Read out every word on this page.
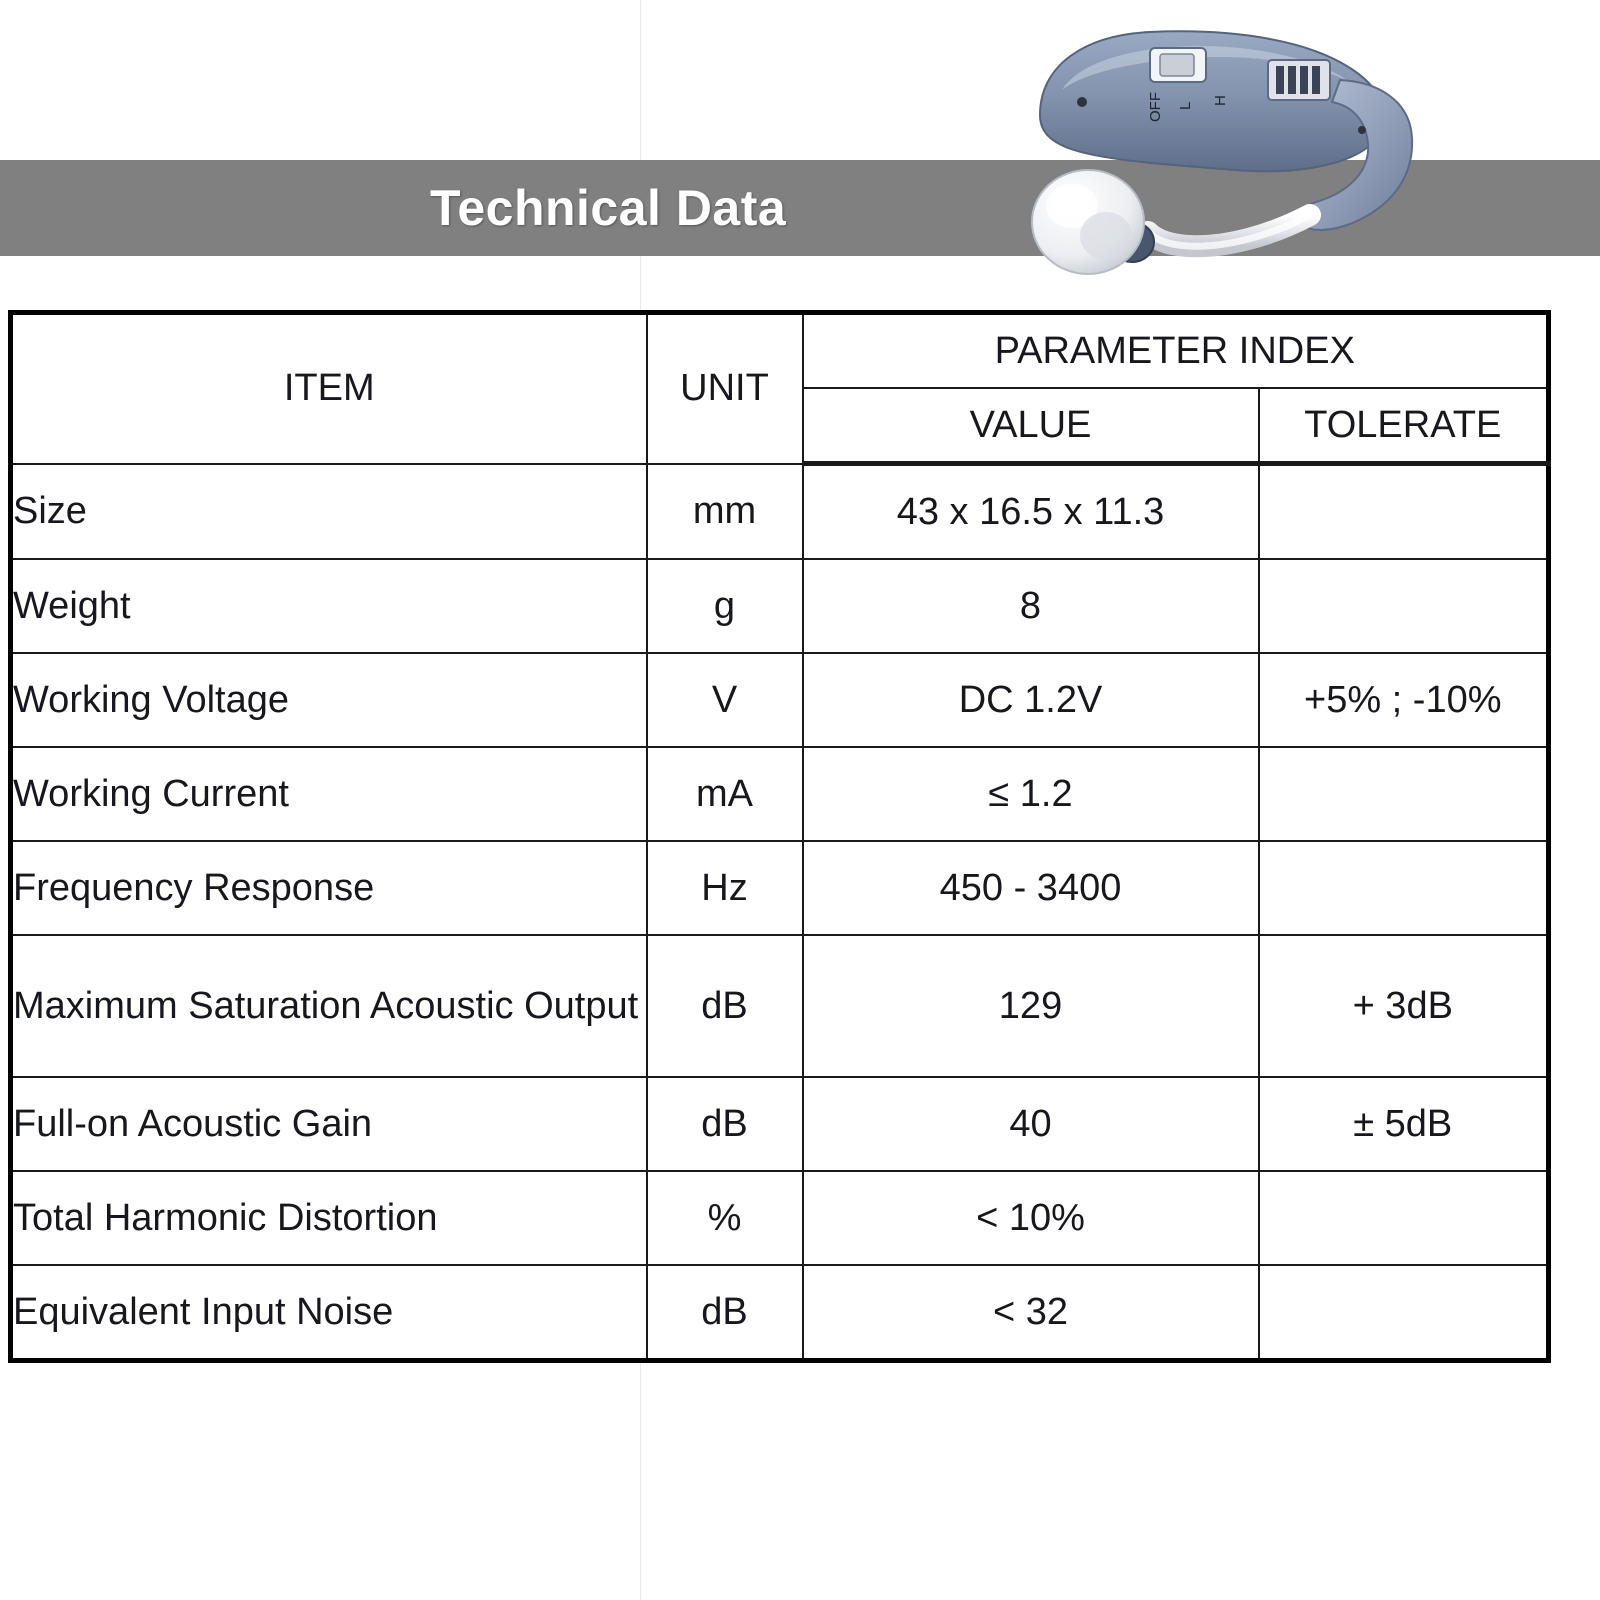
Technical Data
H
L
OFF
ITEM	UNIT	PARAMETER INDEX	
		VALUE	TOLERATE
Size	mm	43 x 16.5 x 11.3	
Weight	g	8	
Working Voltage	V	DC 1.2V	+5% ; -10%
Working Current	mA	≤ 1.2	
Frequency Response	Hz	450 - 3400	
Maximum Saturation Acoustic Output	dB	129	+ 3dB
Full-on Acoustic Gain	dB	40	± 5dB
Total Harmonic Distortion	%	< 10%	
Equivalent Input Noise	dB	< 32	
